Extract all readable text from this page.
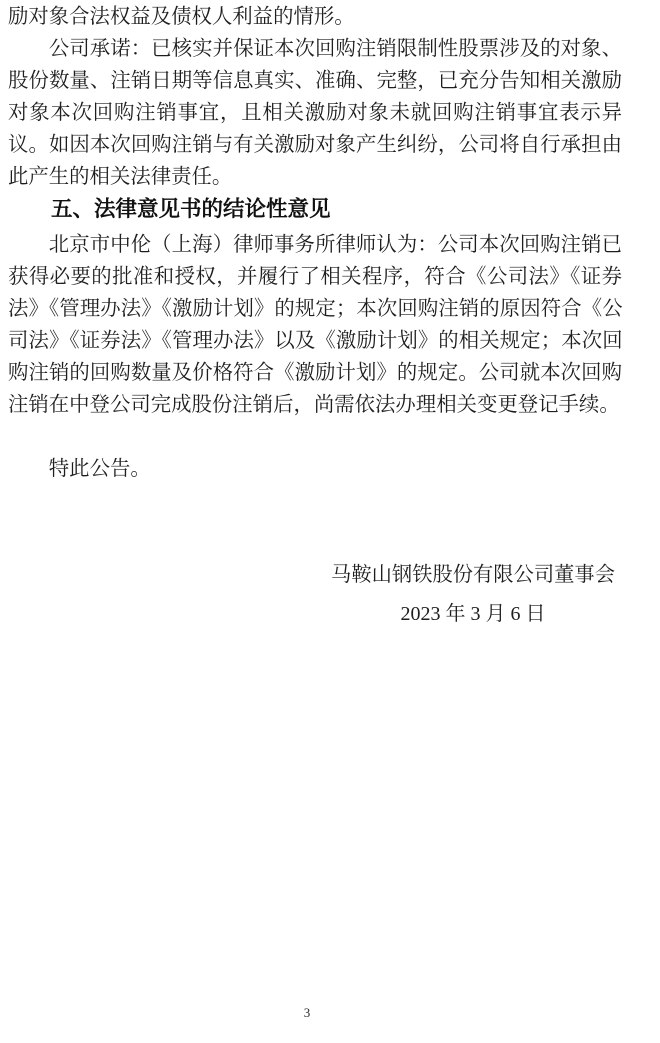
励对象合法权益及债权人利益的情形。
公司承诺：已核实并保证本次回购注销限制性股票涉及的对象、
股份数量、注销日期等信息真实、准确、完整，已充分告知相关激励
对象本次回购注销事宜，且相关激励对象未就回购注销事宜表示异
议。如因本次回购注销与有关激励对象产生纠纷，公司将自行承担由
此产生的相关法律责任。
五、法律意见书的结论性意见
北京市中伦（上海）律师事务所律师认为：公司本次回购注销已
获得必要的批准和授权，并履行了相关程序，符合《公司法》《证券
法》《管理办法》《激励计划》的规定；本次回购注销的原因符合《公
司法》《证券法》《管理办法》以及《激励计划》的相关规定；本次回
购注销的回购数量及价格符合《激励计划》的规定。公司就本次回购
注销在中登公司完成股份注销后，尚需依法办理相关变更登记手续。
特此公告。
马鞍山钢铁股份有限公司董事会
2023 年 3 月 6 日
3
